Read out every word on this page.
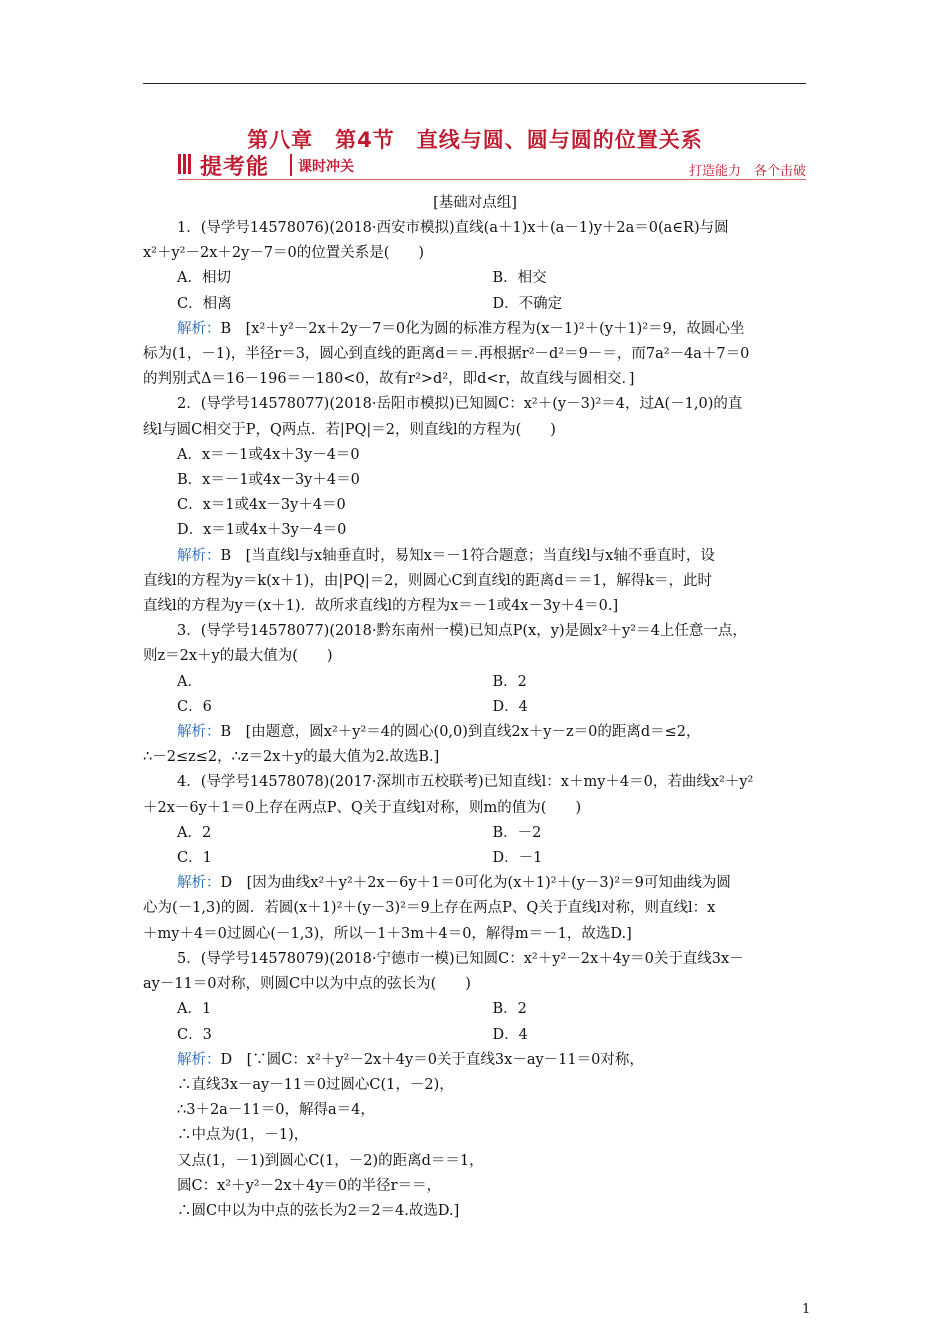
第八章　第4节　直线与圆、圆与圆的位置关系
提考能 课时冲关	打造能力　各个击破
[基础对点组]

1．(导学号14578076)(2018·西安市模拟)直线(a＋1)x＋(a－1)y＋2a＝0(a∈R)与圆

x²＋y²－2x＋2y－7＝0的位置关系是(　　)

A．相切	B．相交
C．相离	D．不确定

解析：B　[x²＋y²－2x＋2y－7＝0化为圆的标准方程为(x－1)²＋(y＋1)²＝9，故圆心坐

标为(1，－1)，半径r＝3，圆心到直线的距离d＝＝.再根据r²－d²＝9－＝，而7a²－4a＋7＝0

的判别式Δ＝16－196＝－180<0，故有r²>d²，即d<r，故直线与圆相交．]

2．(导学号14578077)(2018·岳阳市模拟)已知圆C：x²＋(y－3)²＝4，过A(－1,0)的直

线l与圆C相交于P，Q两点．若|PQ|＝2，则直线l的方程为(　　)

A．x＝－1或4x＋3y－4＝0

B．x＝－1或4x－3y＋4＝0

C．x＝1或4x－3y＋4＝0

D．x＝1或4x＋3y－4＝0

解析：B　[当直线l与x轴垂直时，易知x＝－1符合题意；当直线l与x轴不垂直时，设

直线l的方程为y＝k(x＋1)，由|PQ|＝2，则圆心C到直线l的距离d＝＝1，解得k＝，此时

直线l的方程为y＝(x＋1)．故所求直线l的方程为x＝－1或4x－3y＋4＝0.]

3．(导学号14578077)(2018·黔东南州一模)已知点P(x，y)是圆x²＋y²＝4上任意一点，

则z＝2x＋y的最大值为(　　)

A．	B．2
C．6	D．4

解析：B　[由题意，圆x²＋y²＝4的圆心(0,0)到直线2x＋y－z＝0的距离d＝≤2，

∴－2≤z≤2，∴z＝2x＋y的最大值为2.故选B.]

4．(导学号14578078)(2017·深圳市五校联考)已知直线l：x＋my＋4＝0，若曲线x²＋y²

＋2x－6y＋1＝0上存在两点P、Q关于直线l对称，则m的值为(　　)

A．2	B．－2
C．1	D．－1

解析：D　[因为曲线x²＋y²＋2x－6y＋1＝0可化为(x＋1)²＋(y－3)²＝9可知曲线为圆

心为(－1,3)的圆．若圆(x＋1)²＋(y－3)²＝9上存在两点P、Q关于直线l对称，则直线l：x

＋my＋4＝0过圆心(－1,3)，所以－1＋3m＋4＝0，解得m＝－1，故选D.]

5．(导学号14578079)(2018·宁德市一模)已知圆C：x²＋y²－2x＋4y＝0关于直线3x－

ay－11＝0对称，则圆C中以为中点的弦长为(　　)

A．1	B．2
C．3	D．4

解析：D　[∵圆C：x²＋y²－2x＋4y＝0关于直线3x－ay－11＝0对称，

∴直线3x－ay－11＝0过圆心C(1，－2)，

∴3＋2a－11＝0，解得a＝4，

∴中点为(1，－1)，

又点(1，－1)到圆心C(1，－2)的距离d＝＝1，

圆C：x²＋y²－2x＋4y＝0的半径r＝＝，

∴圆C中以为中点的弦长为2＝2＝4.故选D.]

1
